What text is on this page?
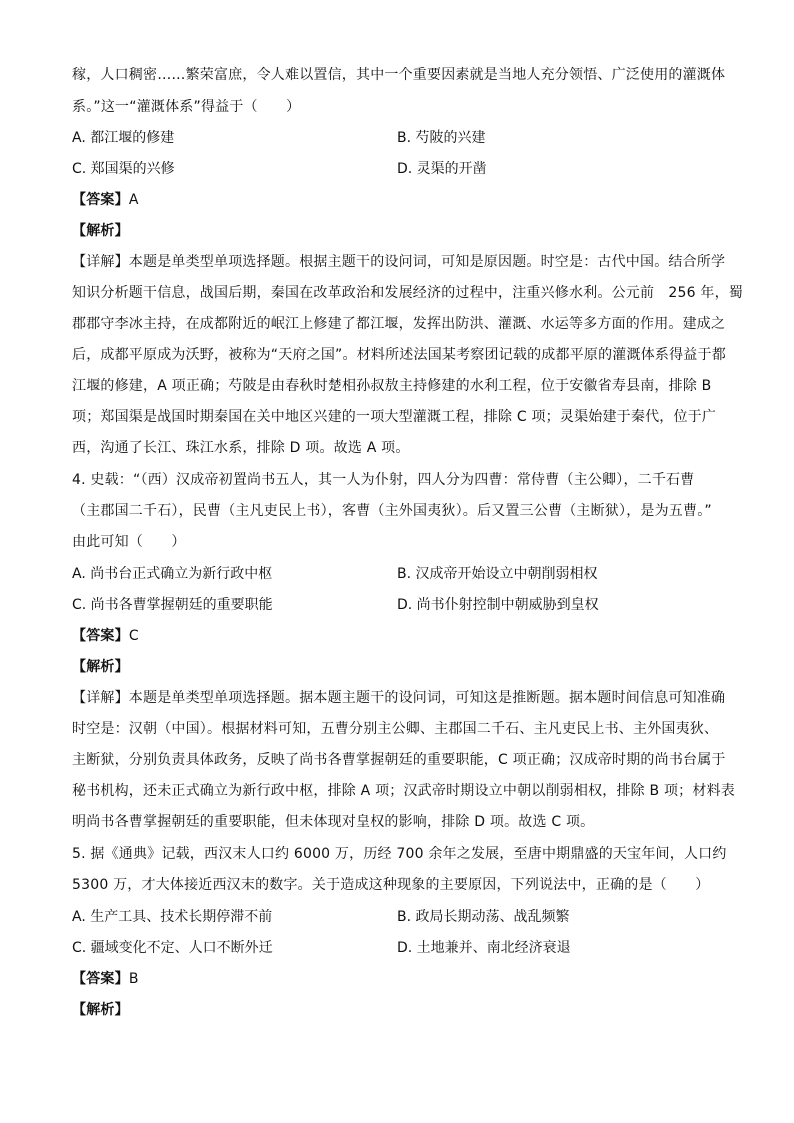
稼，人口稠密……繁荣富庶，令人难以置信，其中一个重要因素就是当地人充分领悟、广泛使用的灌溉体
系。”这一“灌溉体系”得益于（　　）
A. 都江堰的修建	B. 芍陂的兴建
C. 郑国渠的兴修	D. 灵渠的开凿
【答案】A
【解析】
【详解】本题是单类型单项选择题。根据主题干的设问词，可知是原因题。时空是：古代中国。结合所学
知识分析题干信息，战国后期，秦国在改革政治和发展经济的过程中，注重兴修水利。公元前　256 年，蜀
郡郡守李冰主持，在成都附近的岷江上修建了都江堰，发挥出防洪、灌溉、水运等多方面的作用。建成之
后，成都平原成为沃野，被称为“天府之国”。材料所述法国某考察团记载的成都平原的灌溉体系得益于都
江堰的修建，A 项正确；芍陂是由春秋时楚相孙叔敖主持修建的水利工程，位于安徽省寿县南，排除 B
项；郑国渠是战国时期秦国在关中地区兴建的一项大型灌溉工程，排除 C 项；灵渠始建于秦代，位于广
西，沟通了长江、珠江水系，排除 D 项。故选 A 项。
4. 史载：“（西）汉成帝初置尚书五人，其一人为仆射，四人分为四曹：常侍曹（主公卿），二千石曹
（主郡国二千石），民曹（主凡吏民上书），客曹（主外国夷狄）。后又置三公曹（主断狱），是为五曹。”
由此可知（　　）
A. 尚书台正式确立为新行政中枢	B. 汉成帝开始设立中朝削弱相权
C. 尚书各曹掌握朝廷的重要职能	D. 尚书仆射控制中朝威胁到皇权
【答案】C
【解析】
【详解】本题是单类型单项选择题。据本题主题干的设问词，可知这是推断题。据本题时间信息可知准确
时空是：汉朝（中国）。根据材料可知，五曹分别主公卿、主郡国二千石、主凡吏民上书、主外国夷狄、
主断狱，分别负责具体政务，反映了尚书各曹掌握朝廷的重要职能，C 项正确；汉成帝时期的尚书台属于
秘书机构，还未正式确立为新行政中枢，排除 A 项；汉武帝时期设立中朝以削弱相权，排除 B 项；材料表
明尚书各曹掌握朝廷的重要职能，但未体现对皇权的影响，排除 D 项。故选 C 项。
5. 据《通典》记载，西汉末人口约 6000 万，历经 700 余年之发展，至唐中期鼎盛的天宝年间，人口约
5300 万，才大体接近西汉末的数字。关于造成这种现象的主要原因，下列说法中，正确的是（　　）
A. 生产工具、技术长期停滞不前	B. 政局长期动荡、战乱频繁
C. 疆域变化不定、人口不断外迁	D. 土地兼并、南北经济衰退
【答案】B
【解析】
